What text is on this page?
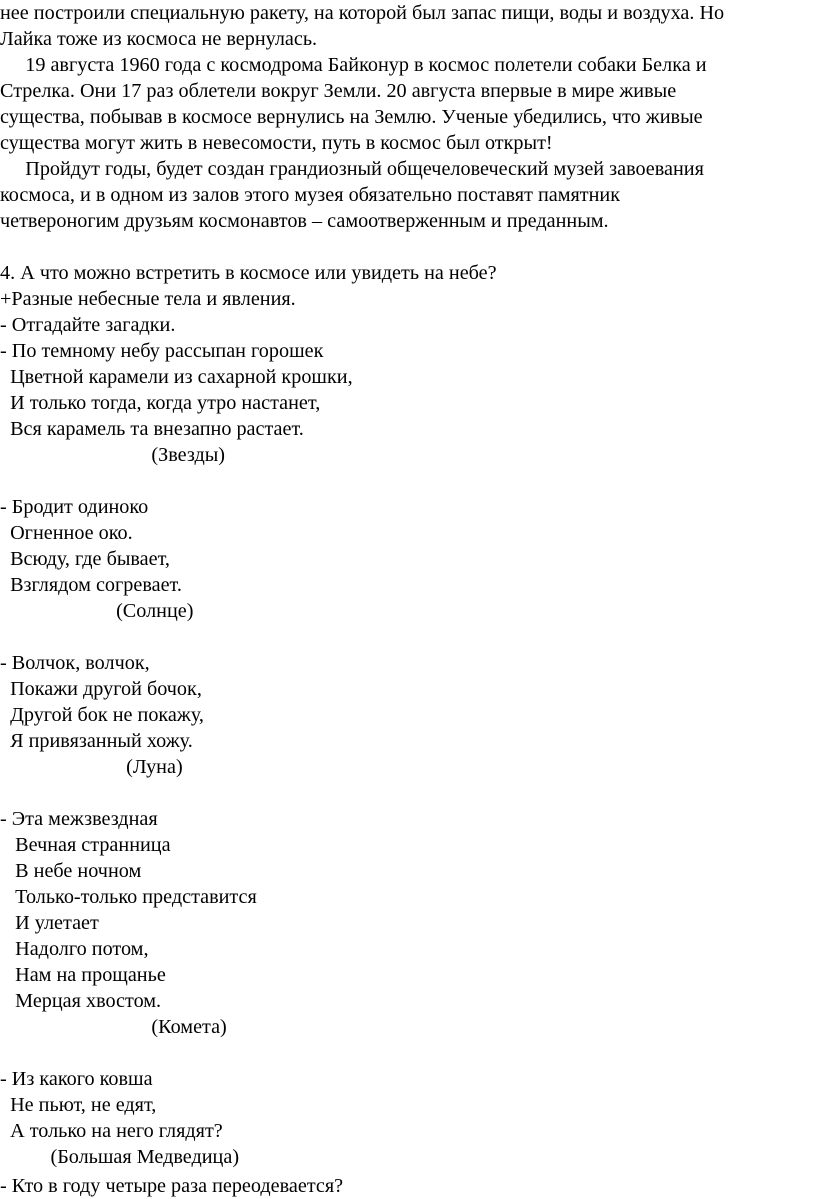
нее построили специальную ракету, на которой был запас пищи, воды и воздуха. Но
Лайка тоже из космоса не вернулась.
19 августа 1960 года с космодрома Байконур в космос полетели собаки Белка и
Стрелка. Они 17 раз облетели вокруг Земли. 20 августа впервые в мире живые
существа, побывав в космосе вернулись на Землю. Ученые убедились, что живые
существа могут жить в невесомости, путь в космос был открыт!
Пройдут годы, будет создан грандиозный общечеловеческий музей завоевания
космоса, и в одном из залов этого музея обязательно поставят памятник
четвероногим друзьям космонавтов – самоотверженным и преданным.
4. А что можно встретить в космосе или увидеть на небе?
+Разные небесные тела и явления.
- Отгадайте загадки.
- По темному небу рассыпан горошек
Цветной карамели из сахарной крошки,
И только тогда, когда утро настанет,
Вся карамель та внезапно растает.
(Звезды)
- Бродит одиноко
Огненное око.
Всюду, где бывает,
Взглядом согревает.
(Солнце)
- Волчок, волчок,
Покажи другой бочок,
Другой бок не покажу,
Я привязанный хожу.
(Луна)
- Эта межзвездная
Вечная странница
В небе ночном
Только-только представится
И улетает
Надолго потом,
Нам на прощанье
Мерцая хвостом.
(Комета)
- Из какого ковша
Не пьют, не едят,
А только на него глядят?
(Большая Медведица)
- Кто в году четыре раза переодевается?
